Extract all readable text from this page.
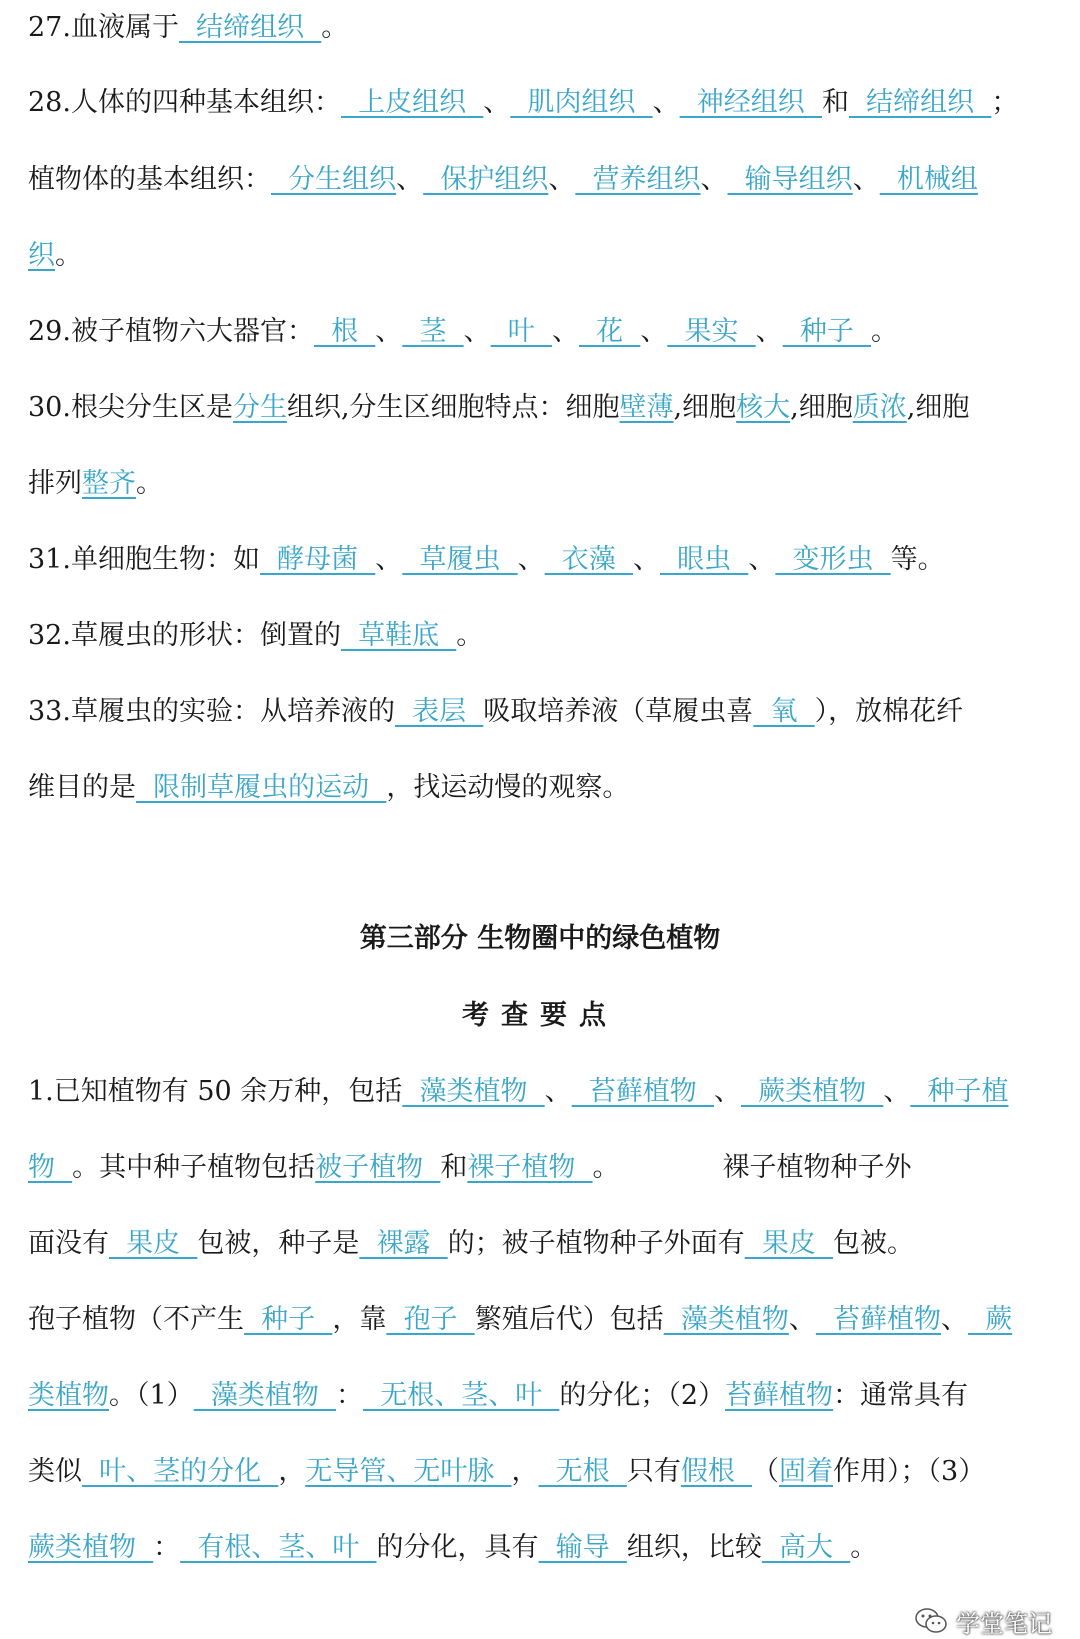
27.血液属于  结缔组织  。
28.人体的四种基本组织：  上皮组织  、  肌肉组织  、  神经组织  和  结缔组织  ；
植物体的基本组织：  分生组织、  保护组织、  营养组织、  输导组织、  机械组
织。
29.被子植物六大器官：  根  、  茎  、  叶  、  花  、  果实  、  种子  。
30.根尖分生区是分生组织,分生区细胞特点：细胞壁薄,细胞核大,细胞质浓,细胞
排列整齐。
31.单细胞生物：如  酵母菌  、  草履虫  、  衣藻  、  眼虫  、  变形虫  等。
32.草履虫的形状：倒置的  草鞋底  。
33.草履虫的实验：从培养液的  表层  吸取培养液（草履虫喜  氧  ），放棉花纤
维目的是  限制草履虫的运动  ，找运动慢的观察。
1.已知植物有 50 余万种，包括  藻类植物  、  苔藓植物  、  蕨类植物  、  种子植
物  。其中种子植物包括被子植物  和裸子植物  。            裸子植物种子外
面没有  果皮  包被，种子是  裸露  的；被子植物种子外面有  果皮  包被。
孢子植物（不产生  种子  ，靠  孢子  繁殖后代）包括  藻类植物、  苔藓植物、  蕨
类植物。（1）  藻类植物  ：  无根、茎、叶  的分化；（2）苔藓植物：通常具有
类似  叶、茎的分化  ，无导管、无叶脉  ，  无根  只有假根  （固着作用）；（3）
蕨类植物  ：  有根、茎、叶  的分化，具有  输导  组织，比较  高大  。
第三部分 生物圈中的绿色植物
考查要点
学堂笔记
